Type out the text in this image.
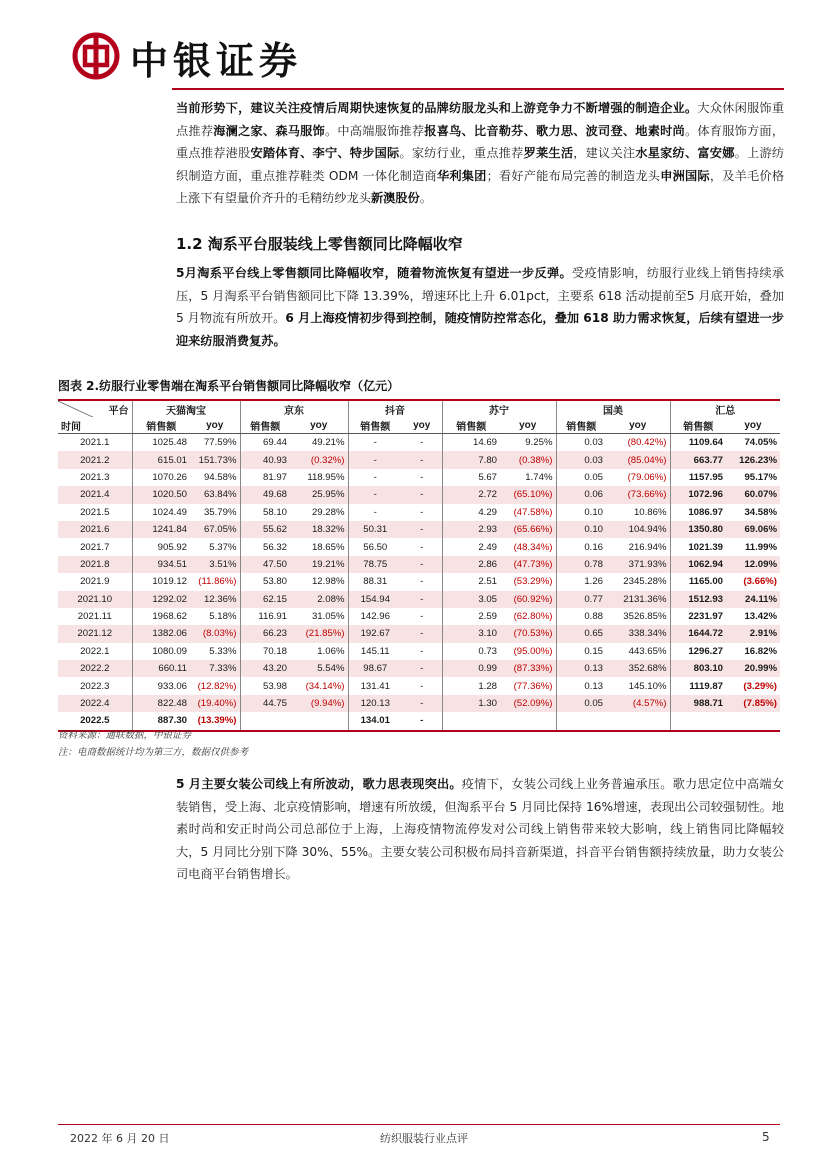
中银证券
当前形势下，建议关注疫情后周期快速恢复的品牌纺服龙头和上游竞争力不断增强的制造企业。大众休闲服饰重点推荐海澜之家、森马服饰。中高端服饰推荐报喜鸟、比音勒芬、歌力思、波司登、地素时尚。体育服饰方面，重点推荐港股安踏体育、李宁、特步国际。家纺行业，重点推荐罗莱生活，建议关注水星家纺、富安娜。上游纺织制造方面，重点推荐鞋类 ODM 一体化制造商华利集团；看好产能布局完善的制造龙头申洲国际，及羊毛价格上涨下有望量价齐升的毛精纺纱龙头新澳股份。
1.2 淘系平台服装线上零售额同比降幅收窄
5月淘系平台线上零售额同比降幅收窄，随着物流恢复有望进一步反弹。受疫情影响，纺服行业线上销售持续承压，5 月淘系平台销售额同比下降 13.39%，增速环比上升 6.01pct，主要系 618 活动提前至5 月底开始，叠加 5 月物流有所放开。6 月上海疫情初步得到控制，随疫情防控常态化，叠加 618 助力需求恢复，后续有望进一步迎来纺服消费复苏。
图表 2.纺服行业零售端在淘系平台销售额同比降幅收窄（亿元）
平台	天猫淘宝		京东		抖音		苏宁		国美		汇总	
时间	销售额	yoy	销售额	yoy	销售额	yoy	销售额	yoy	销售额	yoy	销售额	yoy
2021.1	1025.48	77.59%	69.44	49.21%	-	-	14.69	9.25%	0.03	(80.42%)	1109.64	74.05%
2021.2	615.01	151.73%	40.93	(0.32%)	-	-	7.80	(0.38%)	0.03	(85.04%)	663.77	126.23%
2021.3	1070.26	94.58%	81.97	118.95%	-	-	5.67	1.74%	0.05	(79.06%)	1157.95	95.17%
2021.4	1020.50	63.84%	49.68	25.95%	-	-	2.72	(65.10%)	0.06	(73.66%)	1072.96	60.07%
2021.5	1024.49	35.79%	58.10	29.28%	-	-	4.29	(47.58%)	0.10	10.86%	1086.97	34.58%
2021.6	1241.84	67.05%	55.62	18.32%	50.31	-	2.93	(65.66%)	0.10	104.94%	1350.80	69.06%
2021.7	905.92	5.37%	56.32	18.65%	56.50	-	2.49	(48.34%)	0.16	216.94%	1021.39	11.99%
2021.8	934.51	3.51%	47.50	19.21%	78.75	-	2.86	(47.73%)	0.78	371.93%	1062.94	12.09%
2021.9	1019.12	(11.86%)	53.80	12.98%	88.31	-	2.51	(53.29%)	1.26	2345.28%	1165.00	(3.66%)
2021.10	1292.02	12.36%	62.15	2.08%	154.94	-	3.05	(60.92%)	0.77	2131.36%	1512.93	24.11%
2021.11	1968.62	5.18%	116.91	31.05%	142.96	-	2.59	(62.80%)	0.88	3526.85%	2231.97	13.42%
2021.12	1382.06	(8.03%)	66.23	(21.85%)	192.67	-	3.10	(70.53%)	0.65	338.34%	1644.72	2.91%
2022.1	1080.09	5.33%	70.18	1.06%	145.11	-	0.73	(95.00%)	0.15	443.65%	1296.27	16.82%
2022.2	660.11	7.33%	43.20	5.54%	98.67	-	0.99	(87.33%)	0.13	352.68%	803.10	20.99%
2022.3	933.06	(12.82%)	53.98	(34.14%)	131.41	-	1.28	(77.36%)	0.13	145.10%	1119.87	(3.29%)
2022.4	822.48	(19.40%)	44.75	(9.94%)	120.13	-	1.30	(52.09%)	0.05	(4.57%)	988.71	(7.85%)
2022.5	887.30	(13.39%)			134.01	-						
资料来源：通联数据，中银证券
注：电商数据统计均为第三方，数据仅供参考
5 月主要女装公司线上有所波动，歌力思表现突出。疫情下，女装公司线上业务普遍承压。歌力思定位中高端女装销售，受上海、北京疫情影响，增速有所放缓，但淘系平台 5 月同比保持 16%增速，表现出公司较强韧性。地素时尚和安正时尚公司总部位于上海，上海疫情物流停发对公司线上销售带来较大影响，线上销售同比降幅较大，5 月同比分别下降 30%、55%。主要女装公司积极布局抖音新渠道，抖音平台销售额持续放量，助力女装公司电商平台销售增长。
2022 年 6 月 20 日	纺织服装行业点评	5
